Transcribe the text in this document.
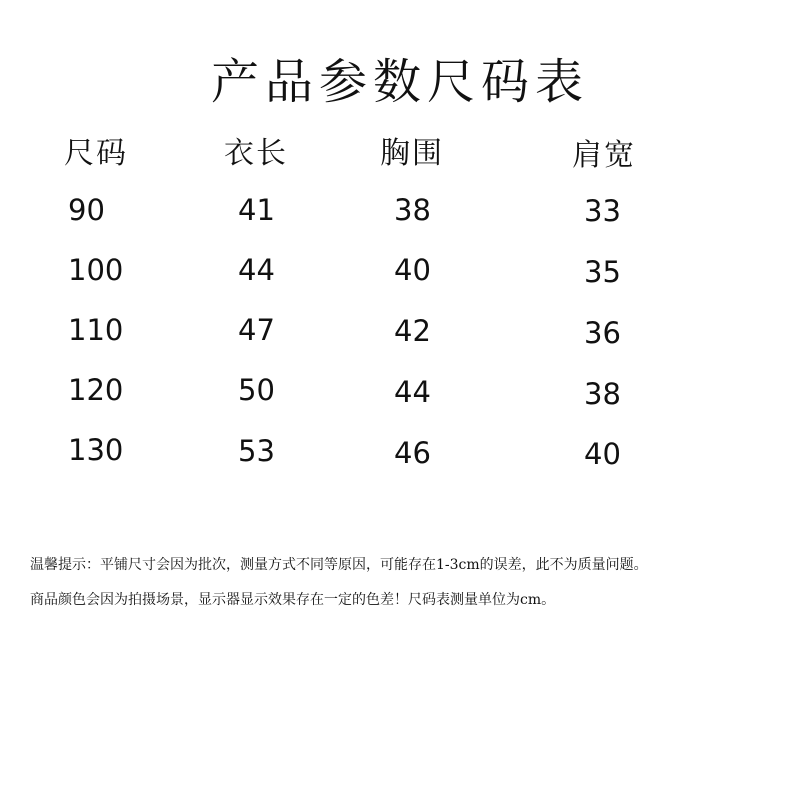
产品参数尺码表
尺码	衣长	胸围	肩宽
90	41	38	33
100	44	40	35
110	47	42	36
120	50	44	38
130	53	46	40
温馨提示：平铺尺寸会因为批次，测量方式不同等原因，可能存在1-3cm的误差，此不为质量问题。
商品颜色会因为拍摄场景，显示器显示效果存在一定的色差！尺码表测量单位为cm。
